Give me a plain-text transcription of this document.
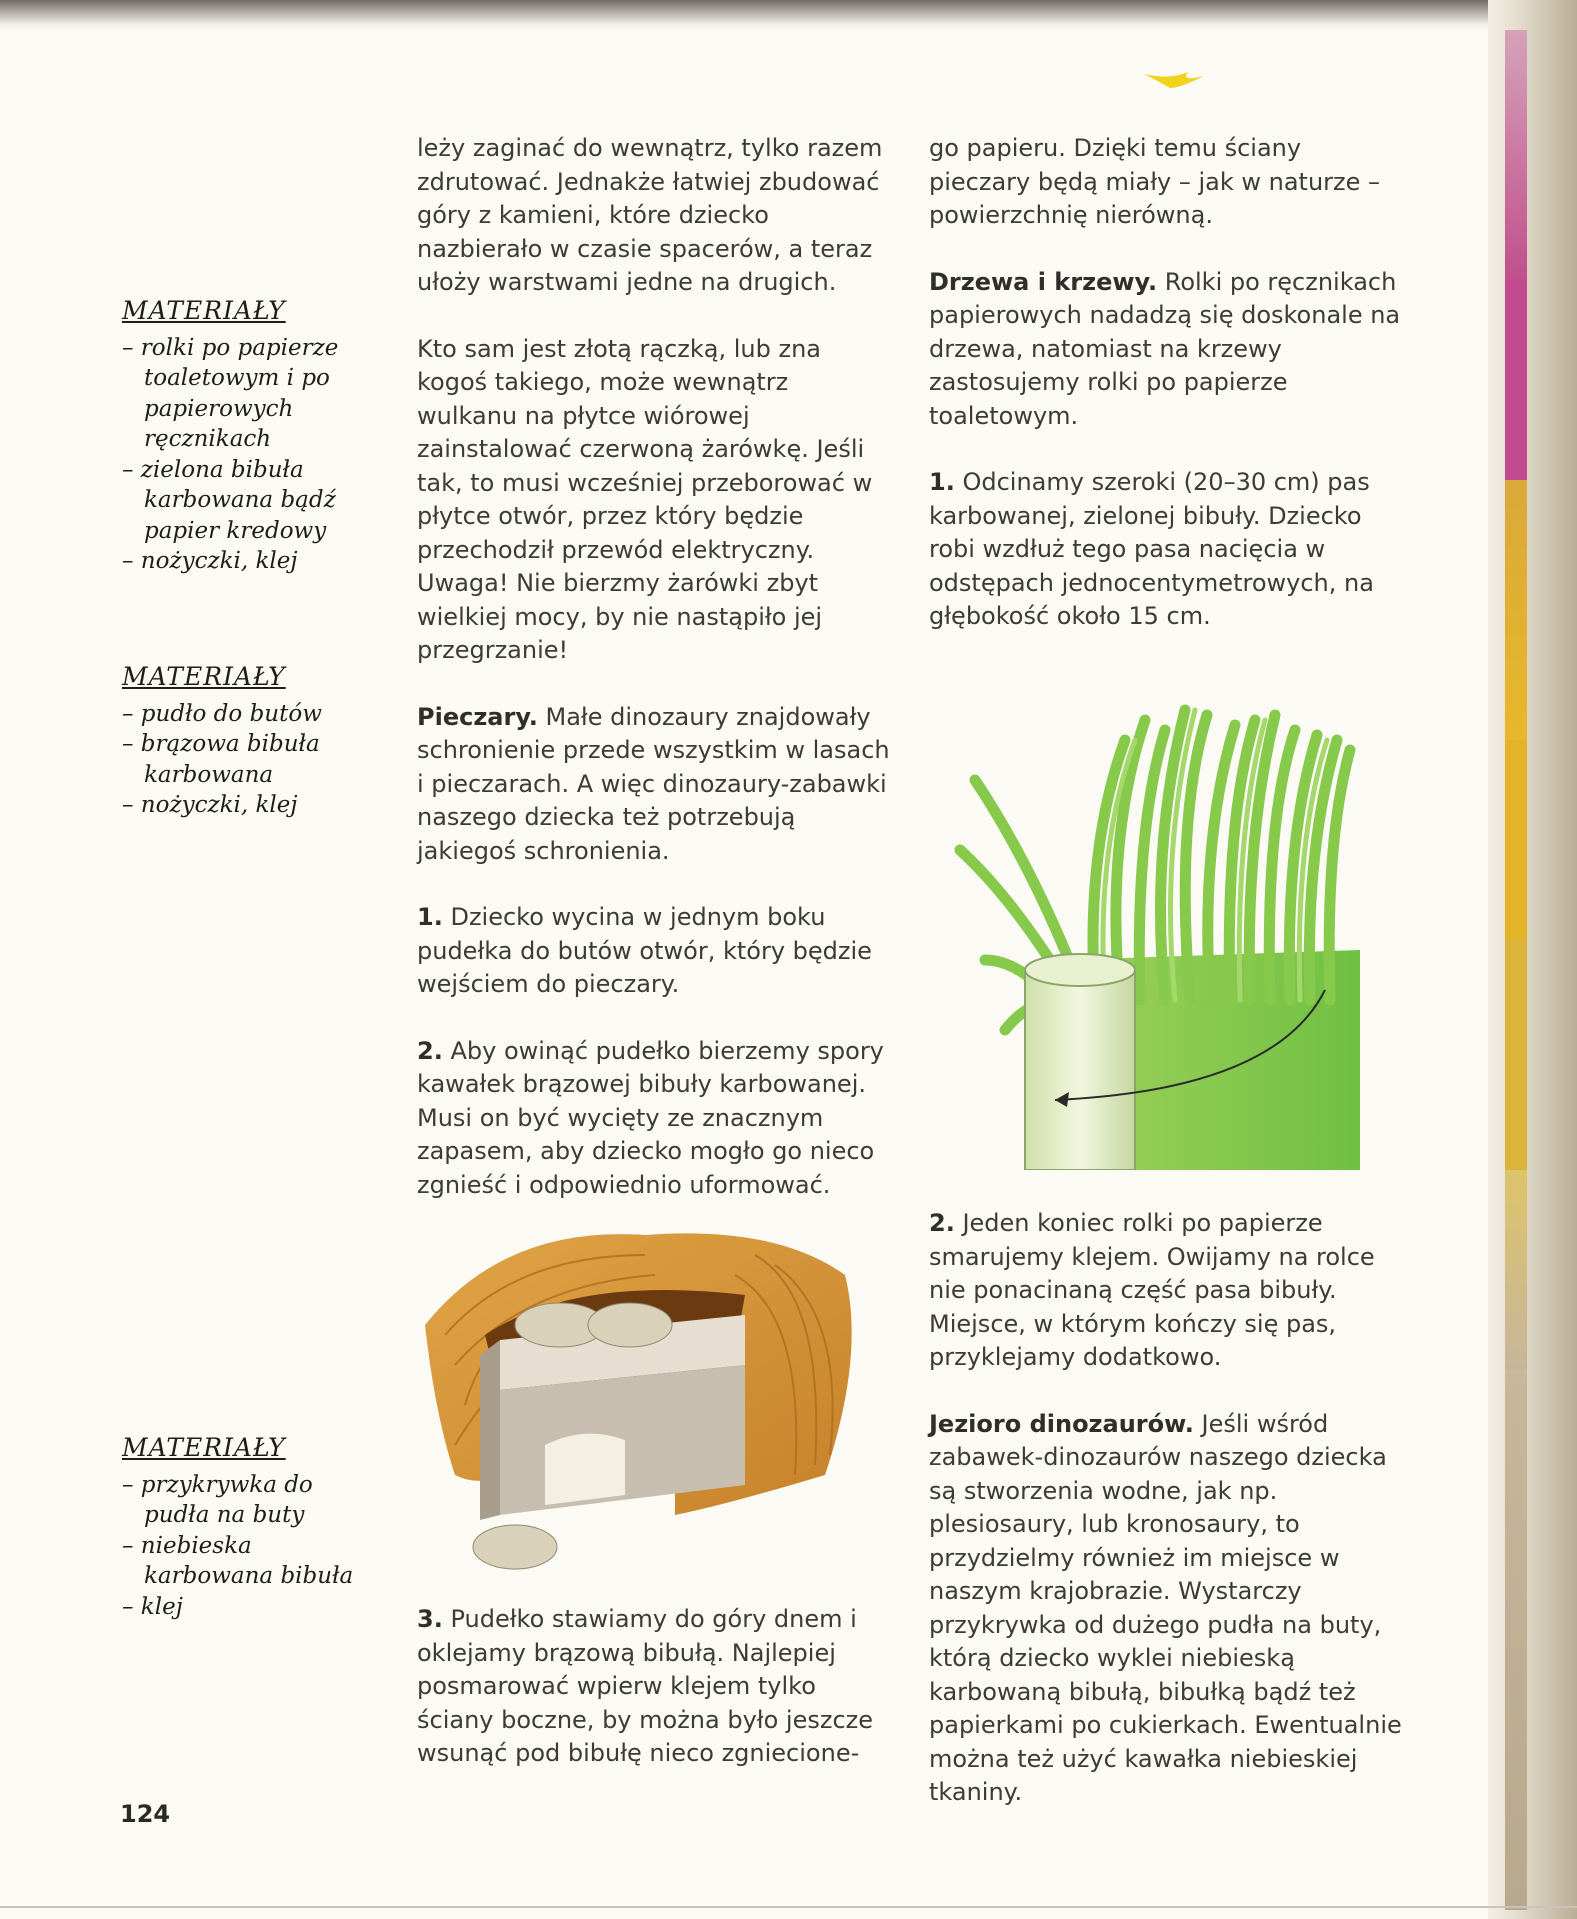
MATERIAŁY
– rolki po papierze toaletowym i po papierowych ręcznikach
– zielona bibuła karbowana bądź papier kredowy
– nożyczki, klej
MATERIAŁY
– pudło do butów
– brązowa bibuła karbowana
– nożyczki, klej
MATERIAŁY
– przykrywka do pudła na buty
– niebieska karbowana bibuła
– klej

leży zaginać do wewnątrz, tylko razem zdrutować. Jednakże łatwiej zbudować góry z kamieni, które dziecko nazbierało w czasie spacerów, a teraz ułoży warstwami jedne na drugich.

Kto sam jest złotą rączką, lub zna kogoś takiego, może wewnątrz wulkanu na płytce wiórowej zainstalować czerwoną żarówkę. Jeśli tak, to musi wcześniej przeborować w płytce otwór, przez który będzie przechodził przewód elektryczny. Uwaga! Nie bierzmy żarówki zbyt wielkiej mocy, by nie nastąpiło jej przegrzanie!

Pieczary. Małe dinozaury znajdowały schronienie przede wszystkim w lasach i pieczarach. A więc dinozaury-zabawki naszego dziecka też potrzebują jakiegoś schronienia.

1. Dziecko wycina w jednym boku pudełka do butów otwór, który będzie wejściem do pieczary.

2. Aby owinąć pudełko bierzemy spory kawałek brązowej bibuły karbowanej. Musi on być wycięty ze znacznym zapasem, aby dziecko mogło go nieco zgnieść i odpowiednio uformować.

3. Pudełko stawiamy do góry dnem i oklejamy brązową bibułą. Najlepiej posmarować wpierw klejem tylko ściany boczne, by można było jeszcze wsunąć pod bibułę nieco zgniecione-

go papieru. Dzięki temu ściany pieczary będą miały – jak w naturze – powierzchnię nierówną.

Drzewa i krzewy. Rolki po ręcznikach papierowych nadadzą się doskonale na drzewa, natomiast na krzewy zastosujemy rolki po papierze toaletowym.

1. Odcinamy szeroki (20–30 cm) pas karbowanej, zielonej bibuły. Dziecko robi wzdłuż tego pasa nacięcia w odstępach jednocentymetrowych, na głębokość około 15 cm.

2. Jeden koniec rolki po papierze smarujemy klejem. Owijamy na rolce nie ponacinaną część pasa bibuły. Miejsce, w którym kończy się pas, przyklejamy dodatkowo.

Jezioro dinozaurów. Jeśli wśród zabawek-dinozaurów naszego dziecka są stworzenia wodne, jak np. plesiosaury, lub kronosaury, to przydzielmy również im miejsce w naszym krajobrazie. Wystarczy przykrywka od dużego pudła na buty, którą dziecko wyklei niebieską karbowaną bibułą, bibułką bądź też papierkami po cukierkach. Ewentualnie można też użyć kawałka niebieskiej tkaniny.

124
